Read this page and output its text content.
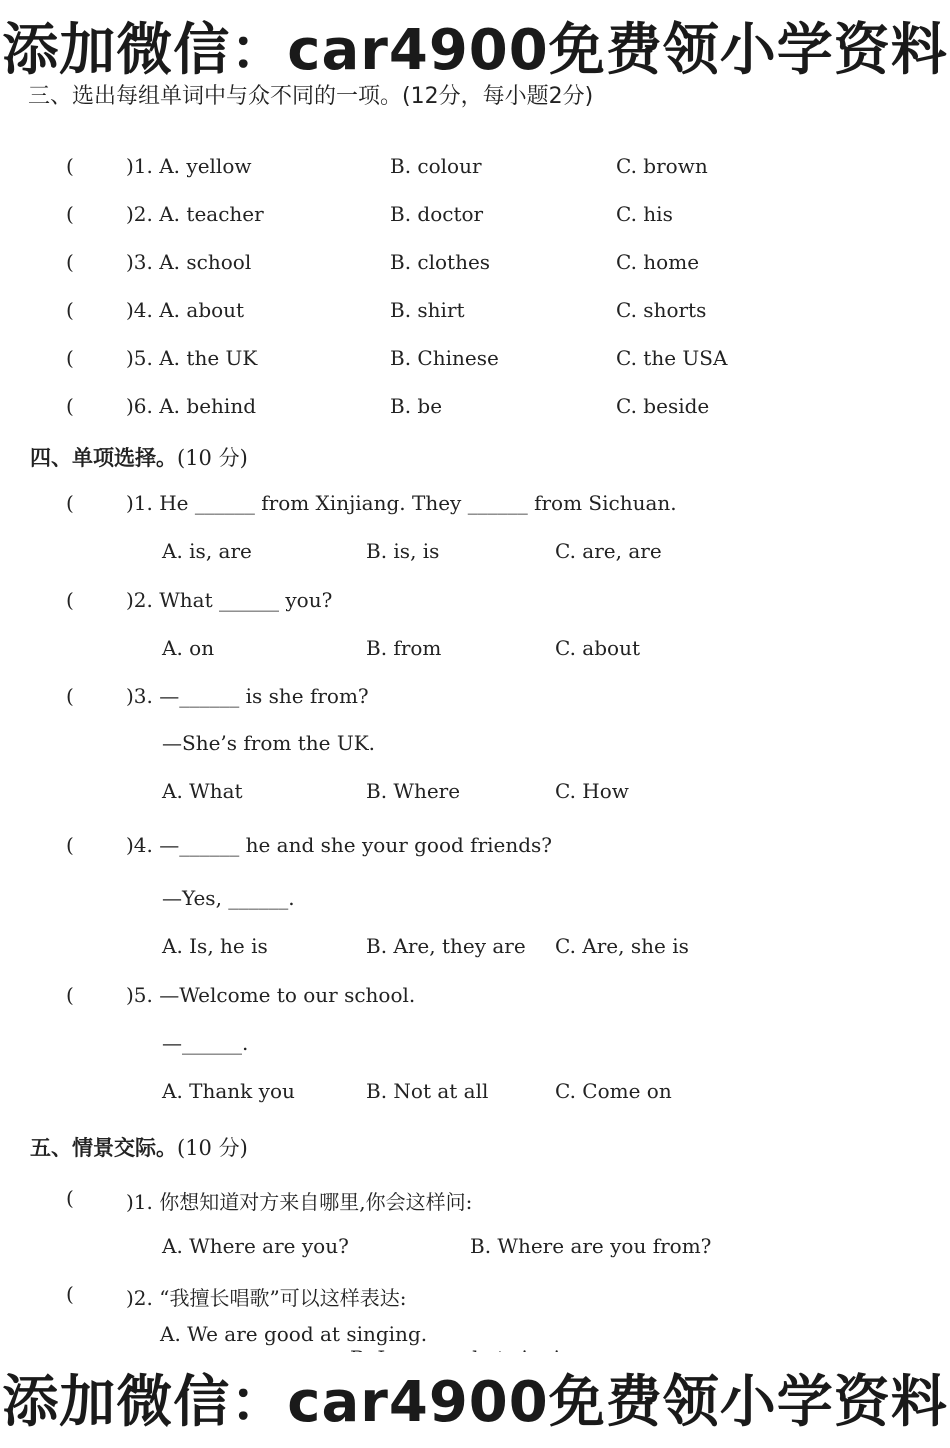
添加微信：car4900免费领小学资料
三、选出每组单词中与众不同的一项。(12分，每小题2分)
(	)1. A. yellow	B. colour	C. brown
(	)2. A. teacher	B. doctor	C. his
(	)3. A. school	B. clothes	C. home
(	)4. A. about	B. shirt	C. shorts
(	)5. A. the UK	B. Chinese	C. the USA
(	)6. A. behind	B. be	C. beside
四、单项选择。(10 分)
(	)1. He ______ from Xinjiang. They ______ from Sichuan.
A. is, are	B. is, is	C. are, are
(	)2. What ______ you?
A. on	B. from	C. about
(	)3. —______ is she from?
—She’s from the UK.
A. What	B. Where	C. How
(	)4. —______ he and she your good friends?
—Yes, ______.
A. Is, he is	B. Are, they are C. Are, she is
(	)5. —Welcome to our school.
—______.
A. Thank you	B. Not at all	C. Come on
五、情景交际。(10 分)
(	)1. 你想知道对方来自哪里,你会这样问:
A. Where are you?	B. Where are you from?
(	)2. “我擅长唱歌”可以这样表达:
A. We are good at singing.
添加微信：car4900免费领小学资料
